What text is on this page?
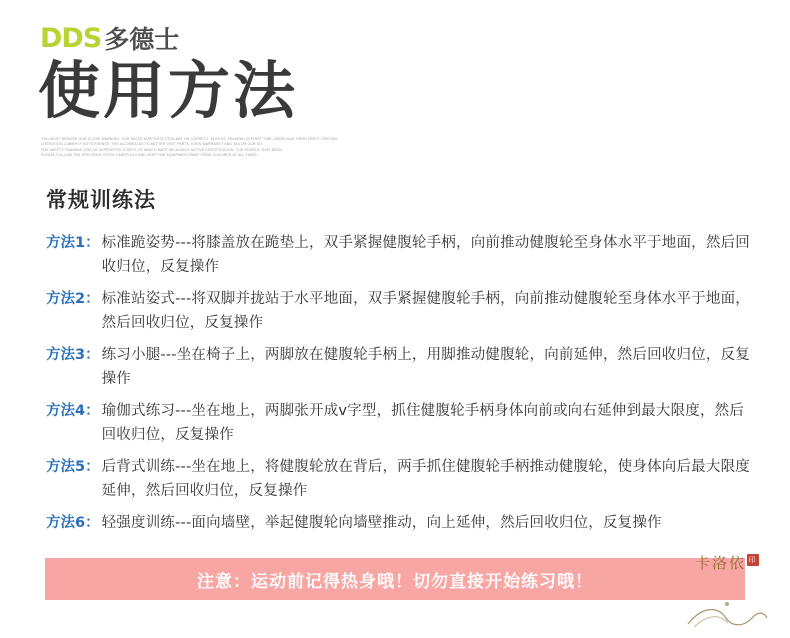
DDS 多德士
使用方法
YOU MUST REMOVE OUR CLOSE WARNING, OUR SALES SUPPORTS COOLANT OR CORRECT. ELSE BY TRAINING IN FIRST TIME USERS AND THIRD PARTY CERTAIN
LITERATION LOWER IF NOTE EVENTS. THE ALLOWED AS TO BETTER VISIT PARTS. EVEN WARRANTY AND TAILOR OUR SO.
THE SAFETY TRAINING USE AS SUPPORTED STARTS OF WHICH MUST BE ALWAYS ACTIVE CERTIFICATION. THE SOURCE THAT BEEN.
PLEASE FOLLOW THE SPECIFIED STEPS CAREFULLY AND KEEP THE EQUIPMENT AWAY FROM CHILDREN AT ALL TIMES.
常规训练法
方法1： 标准跪姿势---将膝盖放在跪垫上，双手紧握健腹轮手柄，向前推动健腹轮至身体水平于地面，然后回收归位，反复操作
方法2： 标准站姿式---将双脚并拢站于水平地面，双手紧握健腹轮手柄，向前推动健腹轮至身体水平于地面，然后回收归位，反复操作
方法3： 练习小腿---坐在椅子上，两脚放在健腹轮手柄上，用脚推动健腹轮，向前延伸，然后回收归位，反复操作
方法4： 瑜伽式练习---坐在地上，两脚张开成v字型，抓住健腹轮手柄身体向前或向右延伸到最大限度，然后回收归位，反复操作
方法5： 后背式训练---坐在地上，将健腹轮放在背后，两手抓住健腹轮手柄推动健腹轮，使身体向后最大限度延伸，然后回收归位，反复操作
方法6： 轻强度训练---面向墙壁，举起健腹轮向墙壁推动，向上延伸，然后回收归位，反复操作
注意：运动前记得热身哦！切勿直接开始练习哦！
卡洛依 印
